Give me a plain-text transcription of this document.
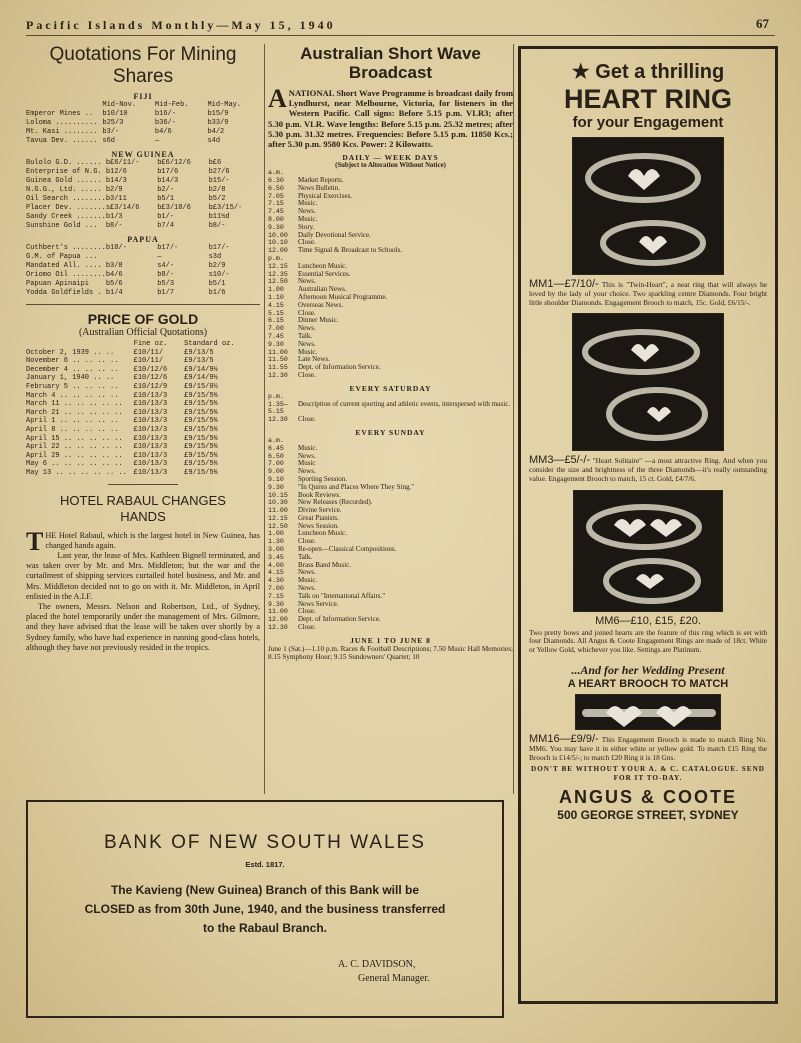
Pacific Islands Monthly—May 15, 1940	67
Quotations For Mining
Shares
FIJI
	Mid-Nov.	Mid-Feb.	Mid-May.
Emperor Mines ..	b10/10	b16/-	b15/9
Loloma ..........	b25/3	b36/-	b33/9
Mt. Kasi ........	b3/-	b4/6	b4/2
Tavua Dev. ......	s6d	—	s4d
NEW GUINEA
Bulolo G.D. ......	b£6/11/-	b£6/12/6	b£6
Enterprise of N.G.	b12/6	b17/6	b27/6
Guinea Gold ......	b14/3	b14/3	b15/-
N.G.G., Ltd. .....	b2/9	b2/-	b2/8
Oil Search ........	b3/11	b5/1	b5/2
Placer Dev. .......	s£3/14/6	b£3/18/6	b£3/15/-
Sandy Creek .......	b1/3	b1/-	b11½d
Sunshine Gold ...	b8/-	b7/4	b8/-
PAPUA
Cuthbert's ........	b18/-	b17/-	b17/-
G.M. of Papua ...		—	s3d
Mandated All. ....	b3/8	s4/-	b2/9
Oriomo Oil ........	b4/6	b8/-	s10/-
Papuan Apinaipi	b5/6	b5/3	b5/1
Yodda Goldfields .	b1/4	b1/7	b1/6
PRICE OF GOLD
(Australian Official Quotations)
	Fine oz.	Standard oz.
October 2, 1939 .. ..	£10/11/	£9/13/5
November 6 .. .. .. ..	£10/11/	£9/13/5
December 4 .. .. .. ..	£10/12/6	£9/14/9½
January 1, 1940 .. ..	£10/12/6	£9/14/9½
February 5 .. .. .. ..	£10/12/9	£9/15/0¼
March 4 .. .. .. .. ..	£10/13/3	£9/15/5¾
March 11 .. .. .. .. ..	£10/13/3	£9/15/5¾
March 21 .. .. .. .. ..	£10/13/3	£9/15/5¾
April 1 .. .. .. .. ..	£10/13/3	£9/15/5¾
April 8 .. .. .. .. ..	£10/13/3	£9/15/5¾
April 15 .. .. .. .. ..	£10/13/3	£9/15/5¾
April 22 .. .. .. .. ..	£10/13/3	£9/15/5¾
April 29 .. .. .. .. ..	£10/13/3	£9/15/5¾
May 6 .. .. .. .. .. ..	£10/13/3	£9/15/5¾
May 13 .. .. .. .. .. ..	£10/13/3	£9/15/5¾
HOTEL RABAUL CHANGES
HANDS
T HE Hotel Rabaul, which is the largest hotel in New Guinea, has changed hands again.

Last year, the lease of Mrs. Kathleen Bignell terminated, and was taken over by Mr. and Mrs. Middleton; but the war and the curtailment of shipping services curtailed hotel business, and Mr. and Mrs. Middleton decided not to go on with it. Mr. Middleton, in April enlisted in the A.I.F.

The owners, Messrs. Nelson and Robertson, Ltd., of Sydney, placed the hotel temporarily under the management of Mrs. Gilmore, and they have advised that the lease will be taken over shortly by a Sydney family, who have had experience in running good-class hotels, although they have not previously resided in the tropics.

Australian Short Wave
Broadcast
A NATIONAL Short Wave Programme is broadcast daily from Lyndhurst, near Melbourne, Victoria, for listeners in the Western Pacific. Call signs: Before 5.15 p.m. VLR3; after 5.30 p.m. VLR. Wave lengths: Before 5.15 p.m. 25.32 metres; after 5.30 p.m. 31.32 metres. Frequencies: Before 5.15 p.m. 11850 Kcs.; after 5.30 p.m. 9580 Kcs. Power: 2 Kilowatts.
DAILY — WEEK DAYS
(Subject to Alteration Without Notice)
a.m.	
6.30	Market Reports.
6.50	News Bulletin.
7.05	Physical Exercises.
7.15	Music.
7.45	News.
8.00	Music.
9.30	Story.
10.00	Daily Devotional Service.
10.10	Close.
12.00	Time Signal & Broadcast to Schools.
p.m.	
12.15	Luncheon Music.
12.35	Essential Services.
12.50	News.
1.00	Australian News.
1.10	Afternoon Musical Programme.
4.15	Overseas News.
5.15	Close.
6.15	Dinner Music.
7.00	News.
7.45	Talk.
9.30	News.
11.00	Music.
11.50	Late News.
11.55	Dept. of Information Service.
12.30	Close.
EVERY SATURDAY
p.m.	
1.35—5.15	Description of current sporting and athletic events, interspersed with music.
12.30	Close.
EVERY SUNDAY
a.m.	
6.45	Music.
6.50	News.
7.00	Music
9.00	News.
9.10	Sporting Session.
9.30	"In Quires and Places Where They Sing."
10.15	Book Reviews.
10.30	New Releases (Recorded).
11.00	Divine Service.
12.15	Great Pianists.
12.50	News Session.
1.00	Luncheon Music.
1.30	Close.
3.00	Re-open—Classical Compositions.
3.45	Talk.
4.00	Brass Band Music.
4.15	News.
4.30	Music.
7.00	News.
7.15	Talk on "International Affairs."
9.30	News Service.
11.00	Close.
12.00	Dept. of Information Service.
12.30	Close.
JUNE 1 TO JUNE 8
June 1 (Sat.)—1.10 p.m. Races & Football Descriptions; 7.50 Music Hall Memories; 8.15 Symphony Hour; 9.15 Sundowners' Quartet; 10
BANK OF NEW SOUTH WALES
Estd. 1817.
The Kavieng (New Guinea) Branch of this Bank will be
CLOSED as from 30th June, 1940, and the business transferred
to the Rabaul Branch.
A. C. DAVIDSON,
General Manager.
★ Get a thrilling
HEART RING
for your Engagement
MM1—£7/10/- This is "Twin-Heart", a neat ring that will always be loved by the lady of your choice. Two sparkling centre Diamonds. Four bright little shoulder Diamonds. Engagement Brooch to match, 15c. Gold, £6/15/-.
MM3—£5/-/- "Heart Solitaire" —a most attractive Ring. And when you consider the size and brightness of the three Diamonds—it's really outstanding value. Engagement Brooch to match, 15 ct. Gold, £4/7/6.
MM6—£10, £15, £20.
Two pretty bows and joined hearts are the feature of this ring which is set with four Diamonds. All Angus & Coote Engagement Rings are made of 18ct. White or Yellow Gold, whichever you like. Settings are Platinum.
...And for her Wedding Present
A HEART BROOCH TO MATCH
MM16—£9/9/- This Engagement Brooch is made to match Ring No. MM6. You may have it in either white or yellow gold. To match £15 Ring the Brooch is £14/5/-; to match £20 Ring it is 18 Gns.
DON'T BE WITHOUT YOUR A. & C. CATALOGUE. SEND FOR IT TO-DAY.
ANGUS & COOTE
500 GEORGE STREET, SYDNEY
